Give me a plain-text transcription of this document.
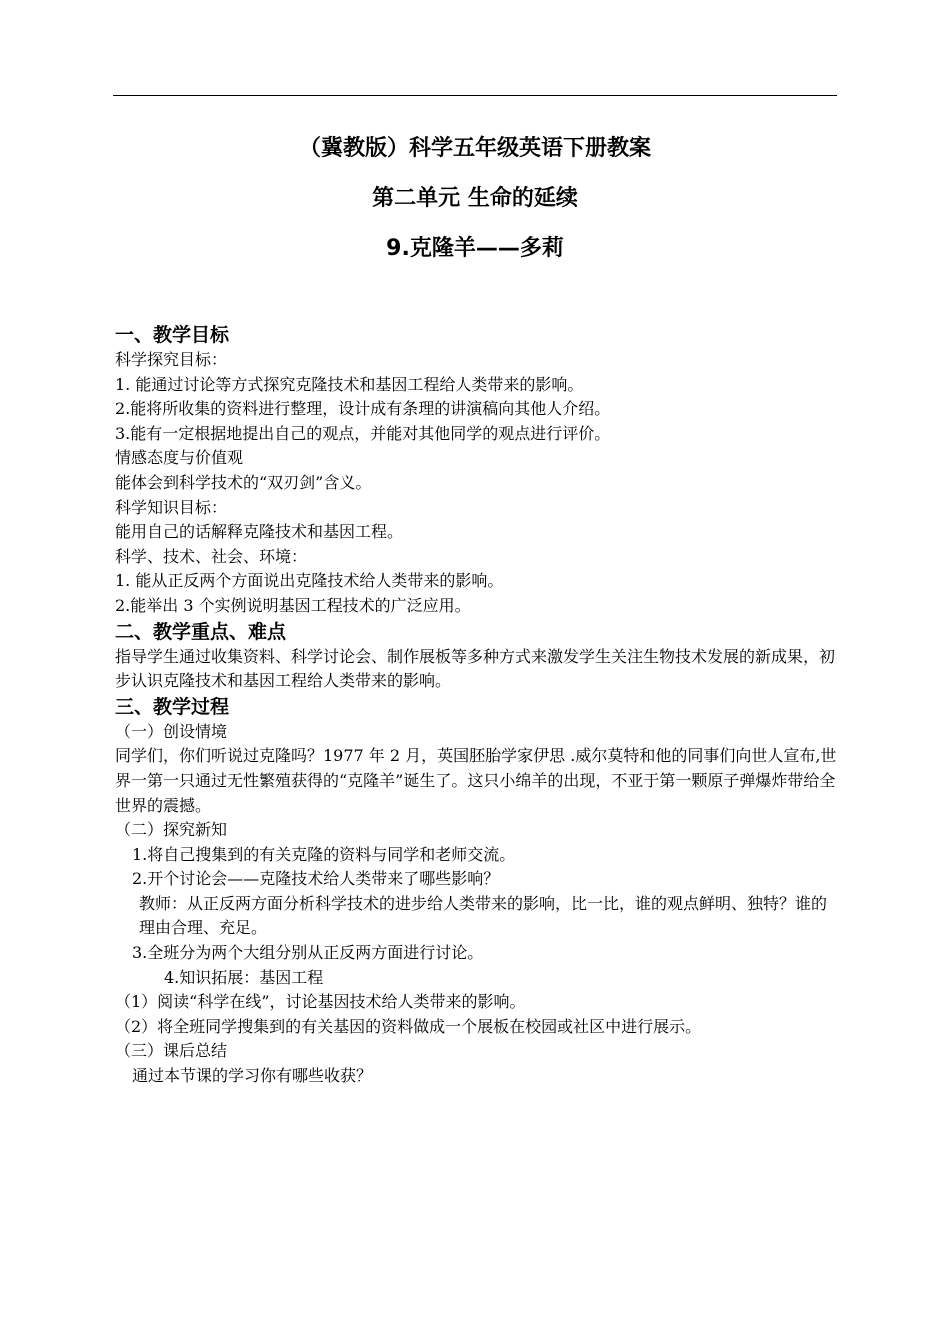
（冀教版）科学五年级英语下册教案
第二单元 生命的延续
9.克隆羊——多莉
一、教学目标

科学探究目标：

1. 能通过讨论等方式探究克隆技术和基因工程给人类带来的影响。

2.能将所收集的资料进行整理，设计成有条理的讲演稿向其他人介绍。

3.能有一定根据地提出自己的观点，并能对其他同学的观点进行评价。

情感态度与价值观

能体会到科学技术的“双刃剑”含义。

科学知识目标：

能用自己的话解释克隆技术和基因工程。

科学、技术、社会、环境：

1. 能从正反两个方面说出克隆技术给人类带来的影响。

2.能举出 3 个实例说明基因工程技术的广泛应用。

二、教学重点、难点

指导学生通过收集资料、科学讨论会、制作展板等多种方式来激发学生关注生物技术发展的新成果，初步认识克隆技术和基因工程给人类带来的影响。

三、教学过程

（一）创设情境

同学们，你们听说过克隆吗？1977 年 2 月，英国胚胎学家伊思 .威尔莫特和他的同事们向世人宣布,世界一第一只通过无性繁殖获得的“克隆羊”诞生了。这只小绵羊的出现，不亚于第一颗原子弹爆炸带给全世界的震撼。

（二）探究新知

1.将自己搜集到的有关克隆的资料与同学和老师交流。

2.开个讨论会——克隆技术给人类带来了哪些影响？

教师：从正反两方面分析科学技术的进步给人类带来的影响，比一比，谁的观点鲜明、独特？谁的理由合理、充足。

3.全班分为两个大组分别从正反两方面进行讨论。

4.知识拓展：基因工程

（1）阅读“科学在线”，讨论基因技术给人类带来的影响。

（2）将全班同学搜集到的有关基因的资料做成一个展板在校园或社区中进行展示。

（三）课后总结

通过本节课的学习你有哪些收获？
